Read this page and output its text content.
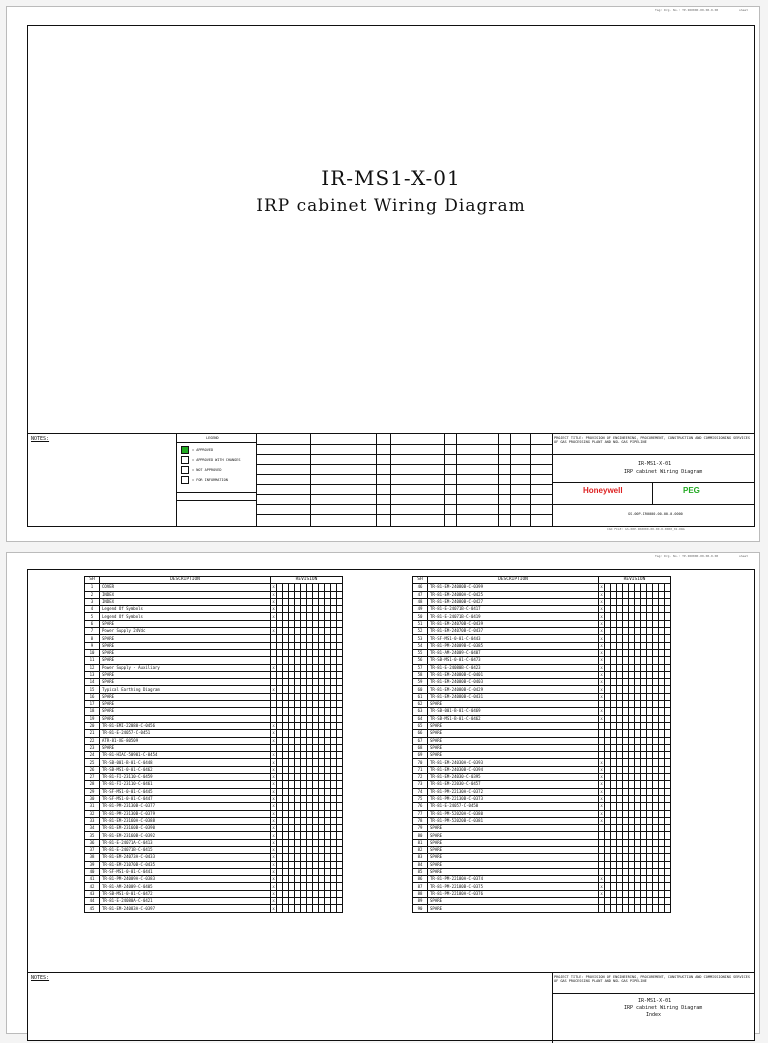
Tag: Drg. No.: TP-IR0000-00-00-0-00	sheet
IR-MS1-X-01
IRP cabinet Wiring Diagram
NOTES:	LEGEND
= APPROVED
= APPROVED WITH CHANGES
= NOT APPROVED
= FOR INFORMATION
PROJECT TITLE: PROVISION OF ENGINEERING, PROCUREMENT, CONSTRUCTION AND COMMISSIONING SERVICES OF GAS PROCESSING PLANT AND NGL GAS PIPELINE
IR-MS1-X-01
IRP cabinet Wiring Diagram
Honeywell	PEG
GS-00P-IR0000-00-00-0-0000
CAD FILE: GS-00P-IR0000-00-00-0-0000_01.DWG
Tag: Drg. No.: TP-IR0000-00-00-0-00	sheet
SH	DESCRIPTION	REVISION											
1	COVER	X											
2	INDEX	X											
3	INDEX	X											
4	Legend Of Symbols	X											
5	Legend Of Symbols	X											
6	SPARE												
7	Power Supply 24Vdc	X											
8	SPARE												
9	SPARE												
10	SPARE												
11	SPARE												
12	Power Supply - Auxiliary	X											
13	SPARE												
14	SPARE												
15	Typical Earthing Diagram	X											
16	SPARE												
17	SPARE												
18	SPARE												
19	SPARE												
20	TR-81-EMI-22080-C-0456	X											
21	TR-81-E-24057-C-0451	X											
22	ATR-81-XE-80509	X											
23	SPARE												
24	TR-81-HIAC-50901-C-0454	X											
25	TR-SB-001-B-01-C-0448	X											
26	TR-SB-MS1-0-01-C-0462	X											
27	TR-81-FI-23110-C-0459	X											
28	TR-81-FI-23110-C-0461	X											
29	TR-SF-MS1-0-01-C-0445	X											
30	TR-SF-MS1-0-01-C-0447	X											
31	TR-81-PM-23130B-C-0377	X											
32	TR-81-PM-23130B-C-0379	X											
33	TR-81-EM-23160A-C-0388	X											
34	TR-81-EM-23160B-C-0390	X											
35	TR-81-EM-23160B-C-0392	X											
36	TR-81-E-24071A-C-0413	X											
37	TR-81-E-24071B-C-0415	X											
38	TR-81-EM-24073A-C-0433	X											
39	TR-81-EM-21070B-C-0435	X											
40	TR-SF-MS1-0-01-C-0441	X											
41	TR-81-PM-24009A-C-0383	X											
42	TR-81-AM-24009-C-0405	X											
43	TR-SB-MS1-0-01-C-0472	X											
44	TR-81-E-24080A-C-0421	X											
45	TR-81-EM-24083A-C-0397	X											
SH	DESCRIPTION	REVISION											
46	TR-81-EM-24080B-C-0399	X											
47	TR-81-EM-24080A-C-0425	X											
48	TR-81-EM-24080B-C-0427	X											
49	TR-81-E-24071B-C-0417	X											
50	TR-81-E-24071B-C-0419	X											
51	TR-81-EM-24070B-C-0439	X											
52	TR-81-EM-24070B-C-0437	X											
53	TR-SF-MS1-0-01-C-0443	X											
54	TR-81-PM-24009B-C-0385	X											
55	TR-81-AM-24009-C-0407	X											
56	TR-SB-MS1-0-01-C-0473	X											
57	TR-81-E-24080B-C-0423	X											
58	TR-81-EM-24080B-C-0401	X											
59	TR-81-EM-24080B-C-0403	X											
60	TR-81-EM-24080B-C-0429	X											
61	TR-81-EM-24080B-C-0431	X											
62	SPARE												
63	TR-SB-001-B-01-C-0469	X											
64	TR-SB-MS1-B-01-C-0462	X											
65	SPARE												
66	SPARE												
67	SPARE												
68	SPARE												
69	SPARE												
70	TR-81-EM-24030A-C-0393	X											
71	TR-81-EM-24030B-C-0394	X											
72	TR-81-EM-24030-C-0395	X											
73	TR-81-EM-22030-C-0457	X											
74	TR-81-PM-22130A-C-0372	X											
75	TR-81-PM-22130B-C-0373	X											
76	TR-81-E-24057-C-0450	X											
77	TR-81-PM-52020A-C-0380	X											
78	TR-81-PM-52020B-C-0381	X											
79	SPARE												
80	SPARE												
81	SPARE												
82	SPARE												
83	SPARE												
84	SPARE												
85	SPARE												
86	TR-81-PM-22180A-C-0374	X											
87	TR-81-PM-22180B-C-0375	X											
88	TR-81-PM-22180A-C-0376	X											
89	SPARE												
90	SPARE												
NOTES:	PROJECT TITLE: PROVISION OF ENGINEERING, PROCUREMENT, CONSTRUCTION AND COMMISSIONING SERVICES OF GAS PROCESSING PLANT AND NGL GAS PIPELINE
IR-MS1-X-01
IRP cabinet Wiring Diagram
Index
